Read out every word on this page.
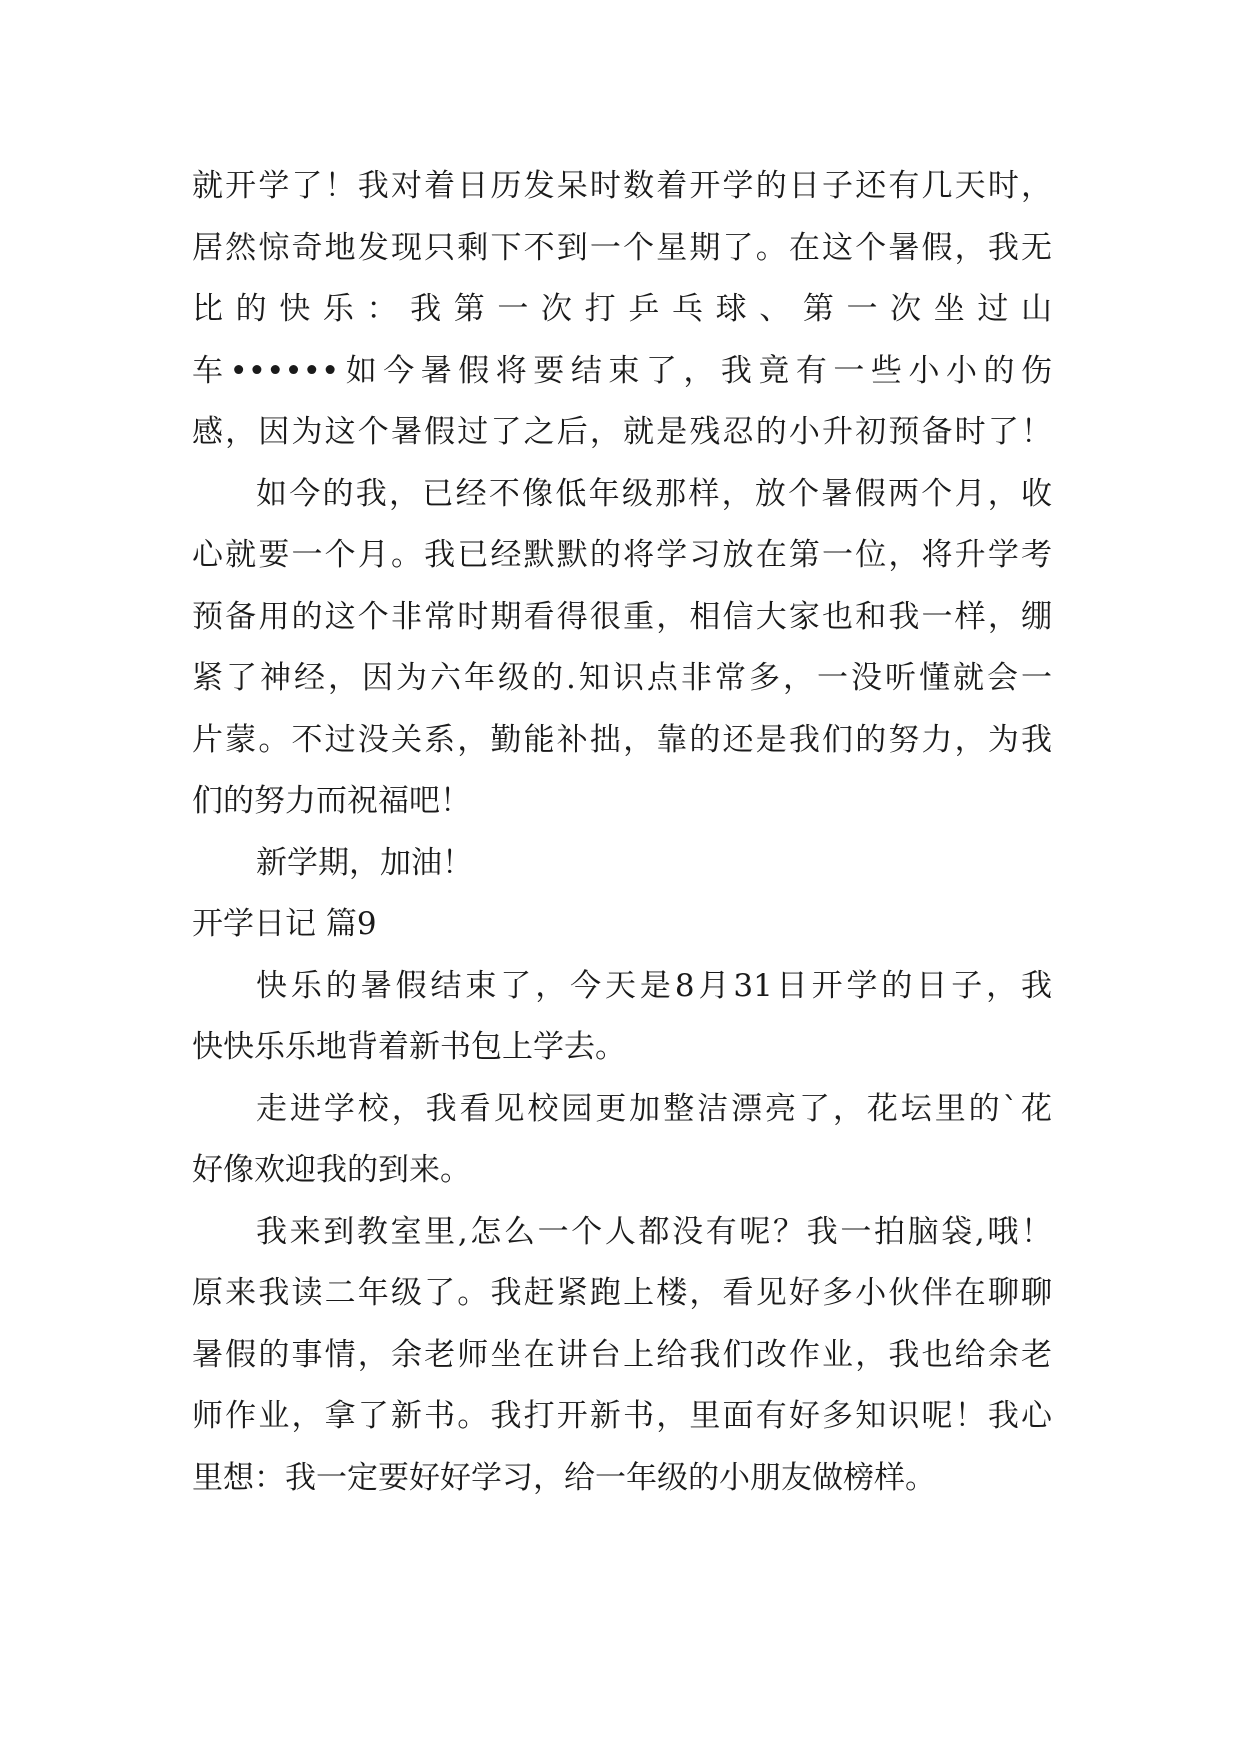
就开学了！我对着日历发呆时数着开学的日子还有几天时，
居然惊奇地发现只剩下不到一个星期了。在这个暑假，我无
比的快乐：我第一次打乒乓球、第一次坐过山
车••••••如今暑假将要结束了，我竟有一些小小的伤
感，因为这个暑假过了之后，就是残忍的小升初预备时了！
如今的我，已经不像低年级那样，放个暑假两个月，收
心就要一个月。我已经默默的将学习放在第一位，将升学考
预备用的这个非常时期看得很重，相信大家也和我一样，绷
紧了神经，因为六年级的.知识点非常多，一没听懂就会一
片蒙。不过没关系，勤能补拙，靠的还是我们的努力，为我
们的努力而祝福吧！
新学期，加油！
开学日记 篇9
快乐的暑假结束了，今天是8月31日开学的日子，我
快快乐乐地背着新书包上学去。
走进学校，我看见校园更加整洁漂亮了，花坛里的`花
好像欢迎我的到来。
我来到教室里,怎么一个人都没有呢？我一拍脑袋,哦！
原来我读二年级了。我赶紧跑上楼，看见好多小伙伴在聊聊
暑假的事情，余老师坐在讲台上给我们改作业，我也给余老
师作业，拿了新书。我打开新书，里面有好多知识呢！我心
里想：我一定要好好学习，给一年级的小朋友做榜样。
